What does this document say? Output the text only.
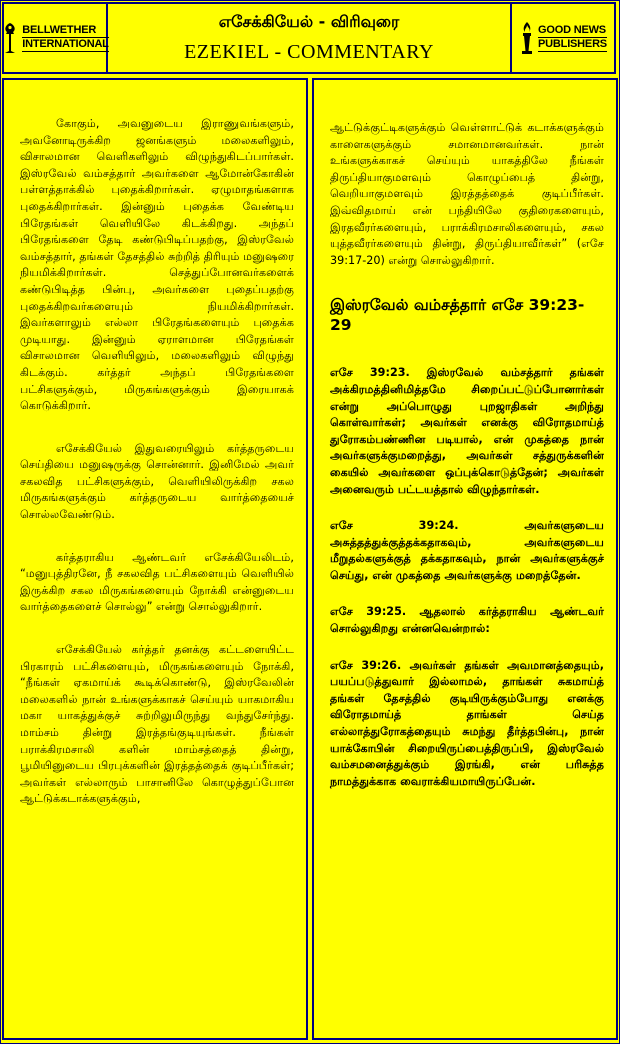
BELLWETHER
INTERNATIONAL
எசேக்கியேல் - விரிவுரை
EZEKIEL - COMMENTARY
GOOD NEWS
PUBLISHERS

கோகும், அவனுடைய இராணுவங்களும், அவனோடிருக்கிற ஜனங்களும் மலைகளிலும், விசாலமான வெளிகளிலும் விழுந்துகிடப்பார்கள். இஸ்ரவேல் வம்சத்தார் அவர்களை ஆமோன்கோகின் பள்ளத்தாக்கில் புதைக்கிறார்கள். ஏழுமாதங்களாக புதைக்கிறார்கள். இன்னும் புதைக்க வேண்டிய பிரேதங்கள் வெளியிலே கிடக்கிறது. அந்தப் பிரேதங்களை தேடி கண்டுபிடிப்பதற்கு, இஸ்ரவேல் வம்சத்தார், தங்கள் தேசத்தில் சுற்றித் திரியும் மனுஷரை நியமிக்கிறார்கள். செத்துப்போனவர்களைக் கண்டுபிடித்த பின்பு, அவர்களை புதைப்பதற்கு புதைக்கிறவர்களையும் நியமிக்கிறார்கள். இவர்களாலும் எல்லா பிரேதங்களையும் புதைக்க முடியாது. இன்னும் ஏராளமான பிரேதங்கள் விசாலமான வெளியிலும், மலைகளிலும் விழுந்து கிடக்கும். கர்த்தர் அந்தப் பிரேதங்களை பட்சிகளுக்கும், மிருகங்களுக்கும் இரையாகக் கொடுக்கிறார்.

எசேக்கியேல் இதுவரையிலும் கர்த்தருடைய செய்தியை மனுஷருக்கு சொன்னார். இனிமேல் அவர் சகலவித பட்சிகளுக்கும், வெளியிலிருக்கிற சகல மிருகங்களுக்கும் கர்த்தருடைய வார்த்தையைச் சொல்லவேண்டும்.

கர்த்தராகிய ஆண்டவர் எசேக்கியேலிடம், “மனுபுத்திரனே, நீ சகலவித பட்சிகளையும் வெளியில் இருக்கிற சகல மிருகங்களையும் நோக்கி என்னுடைய வார்த்தைகளைச் சொல்லு” என்று சொல்லுகிறார்.

எசேக்கியேல் கர்த்தர் தனக்கு கட்டளையிட்ட பிரகாரம் பட்சிகளையும், மிருகங்களையும் நோக்கி, “நீங்கள் ஏகமாய்க் கூடிக்கொண்டு, இஸ்ரவேலின் மலைகளில் நான் உங்களுக்காகச் செய்யும் யாகமாகிய மகா யாகத்துக்குச் சுற்றிலுமிருந்து வந்துசேர்ந்து. மாம்சம் தின்று இரத்தங்குடியுங்கள். நீங்கள் பராக்கிரமசாலி களின் மாம்சத்தைத் தின்று, பூமியினுடைய பிரபுக்களின் இரத்தத்தைக் குடிப்பீர்கள்; அவர்கள் எல்லாரும் பாசானிலே கொழுத்துப்போன ஆட்டுக்கடாக்களுக்கும்,

ஆட்டுக்குட்டிகளுக்கும் வெள்ளாட்டுக் கடாக்களுக்கும் காளைகளுக்கும் சமானமானவர்கள். நான் உங்களுக்காகச் செய்யும் யாகத்திலே நீங்கள் திருப்தியாகுமளவும் கொழுப்பைத் தின்று, வெறியாகுமளவும் இரத்தத்தைக் குடிப்பீர்கள். இவ்விதமாய் என் பந்தியிலே குதிரைகளையும், இரதவீரர்களையும், பராக்கிரமசாலிகளையும், சகல யுத்தவீரர்களையும் தின்று, திருப்தியாவீர்கள்” (எசே 39:17-20) என்று சொல்லுகிறார்.

இஸ்ரவேல் வம்சத்தார் எசே 39:23-29

எசே 39:23. இஸ்ரவேல் வம்சத்தார் தங்கள் அக்கிரமத்தினிமித்தமே சிறைப்பட்டுப்போனார்கள் என்று அப்பொழுது புறஜாதிகள் அறிந்து கொள்வார்கள்; அவர்கள் எனக்கு விரோதமாய்த் துரோகம்பண்ணின படியால், என் முகத்தை நான் அவர்களுக்குமறைத்து, அவர்கள் சத்துருக்களின் கையில் அவர்களை ஒப்புக்கொடுத்தேன்; அவர்கள் அனைவரும் பட்டயத்தால் விழுந்தார்கள்.

எசே 39:24. அவர்களுடைய அசுத்தத்துக்குத்தக்கதாகவும், அவர்களுடைய மீறுதல்களுக்குத் தக்கதாகவும், நான் அவர்களுக்குச் செய்து, என் முகத்தை அவர்களுக்கு மறைத்தேன்.

எசே 39:25. ஆதலால் கர்த்தராகிய ஆண்டவர் சொல்லுகிறது என்னவென்றால்:

எசே 39:26. அவர்கள் தங்கள் அவமானத்தையும், பயப்படுத்துவார் இல்லாமல், தாங்கள் சுகமாய்த் தங்கள் தேசத்தில் குடியிருக்கும்போது எனக்கு விரோதமாய்த் தாங்கள் செய்த எல்லாத்துரோகத்தையும் சுமந்து தீர்த்தபின்பு, நான் யாக்கோபின் சிறையிருப்பைத்திருப்பி, இஸ்ரவேல் வம்சமனைத்துக்கும் இரங்கி, என் பரிசுத்த நாமத்துக்காக வைராக்கியமாயிருப்பேன்.
